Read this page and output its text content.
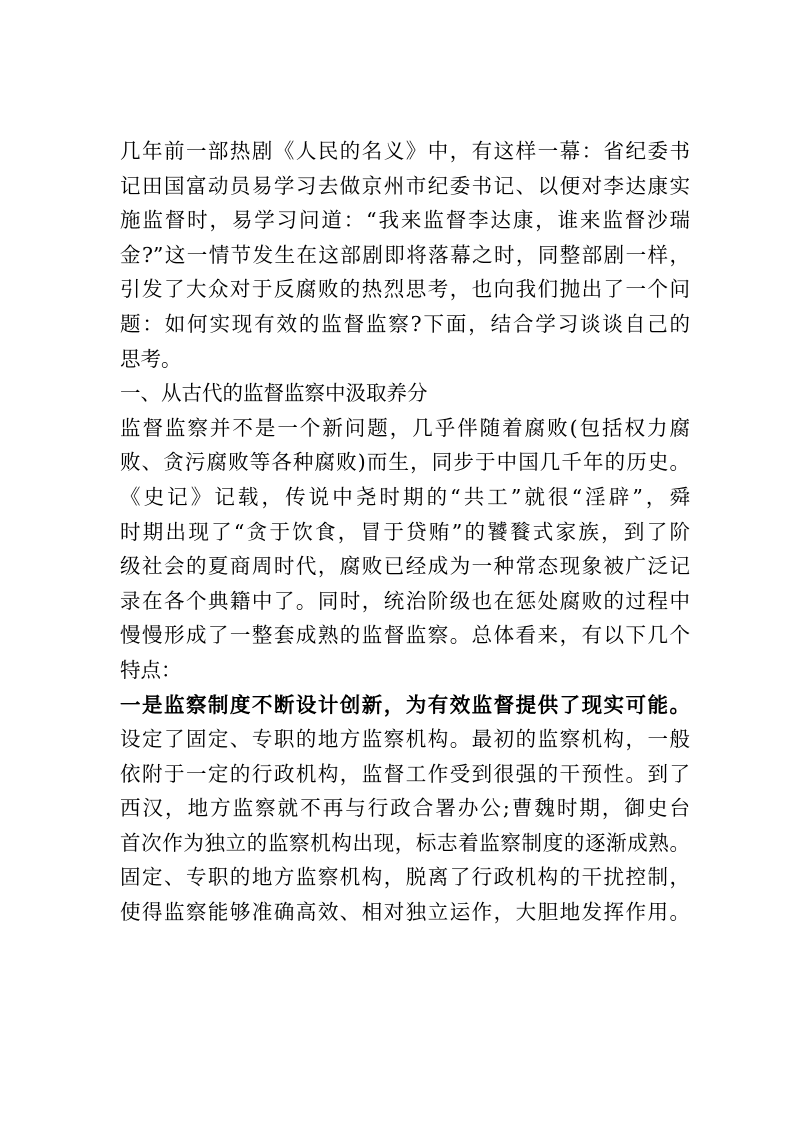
几年前一部热剧《人民的名义》中，有这样一幕：省纪委书
记田国富动员易学习去做京州市纪委书记、以便对李达康实
施监督时，易学习问道：“我来监督李达康，谁来监督沙瑞
金?”这一情节发生在这部剧即将落幕之时，同整部剧一样，
引发了大众对于反腐败的热烈思考，也向我们抛出了一个问
题：如何实现有效的监督监察?下面，结合学习谈谈自己的
思考。
一、从古代的监督监察中汲取养分
监督监察并不是一个新问题，几乎伴随着腐败(包括权力腐
败、贪污腐败等各种腐败)而生，同步于中国几千年的历史。
《史记》记载，传说中尧时期的“共工”就很“淫辟”，舜
时期出现了“贪于饮食，冒于贷贿”的饕餮式家族，到了阶
级社会的夏商周时代，腐败已经成为一种常态现象被广泛记
录在各个典籍中了。同时，统治阶级也在惩处腐败的过程中
慢慢形成了一整套成熟的监督监察。总体看来，有以下几个
特点：
一是监察制度不断设计创新，为有效监督提供了现实可能。
设定了固定、专职的地方监察机构。最初的监察机构，一般
依附于一定的行政机构，监督工作受到很强的干预性。到了
西汉，地方监察就不再与行政合署办公;曹魏时期，御史台
首次作为独立的监察机构出现，标志着监察制度的逐渐成熟。
固定、专职的地方监察机构，脱离了行政机构的干扰控制，
使得监察能够准确高效、相对独立运作，大胆地发挥作用。
